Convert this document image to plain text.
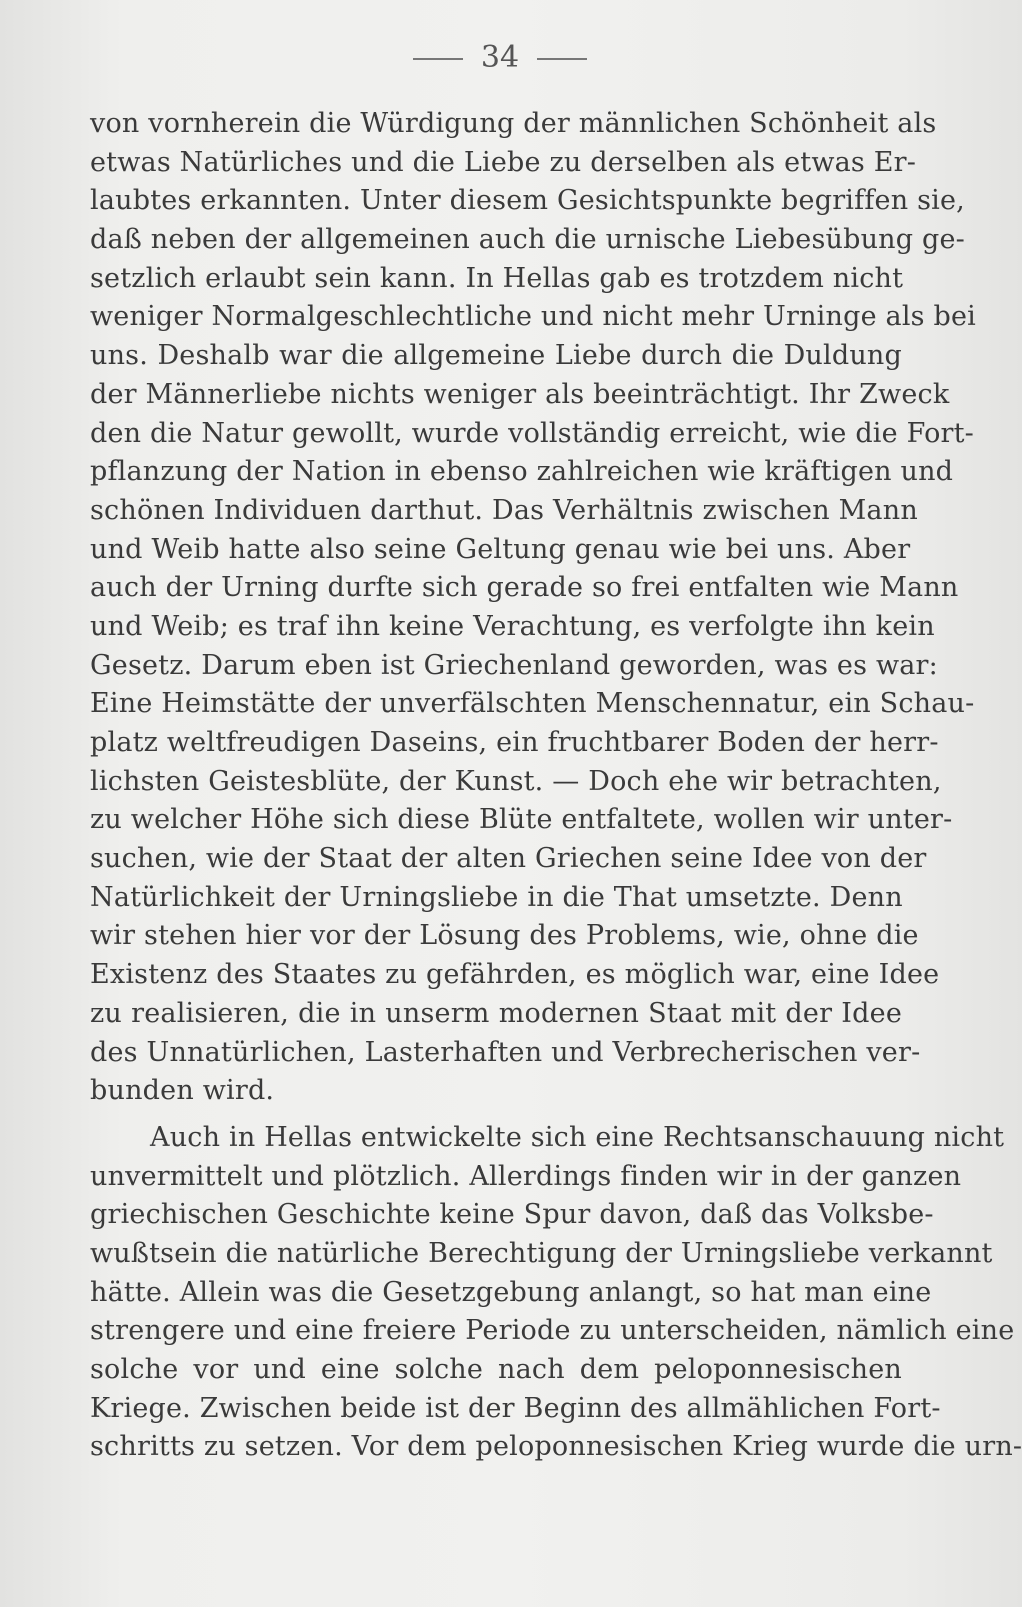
34
von vornherein die Würdigung der männlichen Schönheit als
etwas Natürliches und die Liebe zu derselben als etwas Er-
laubtes erkannten. Unter diesem Gesichtspunkte begriffen sie,
daß neben der allgemeinen auch die urnische Liebesübung ge-
setzlich erlaubt sein kann. In Hellas gab es trotzdem nicht
weniger Normalgeschlechtliche und nicht mehr Urninge als bei
uns. Deshalb war die allgemeine Liebe durch die Duldung
der Männerliebe nichts weniger als beeinträchtigt. Ihr Zweck
den die Natur gewollt, wurde vollständig erreicht, wie die Fort-
pflanzung der Nation in ebenso zahlreichen wie kräftigen und
schönen Individuen darthut. Das Verhältnis zwischen Mann
und Weib hatte also seine Geltung genau wie bei uns. Aber
auch der Urning durfte sich gerade so frei entfalten wie Mann
und Weib; es traf ihn keine Verachtung, es verfolgte ihn kein
Gesetz. Darum eben ist Griechenland geworden, was es war:
Eine Heimstätte der unverfälschten Menschennatur, ein Schau-
platz weltfreudigen Daseins, ein fruchtbarer Boden der herr-
lichsten Geistesblüte, der Kunst. — Doch ehe wir betrachten,
zu welcher Höhe sich diese Blüte entfaltete, wollen wir unter-
suchen, wie der Staat der alten Griechen seine Idee von der
Natürlichkeit der Urningsliebe in die That umsetzte. Denn
wir stehen hier vor der Lösung des Problems, wie, ohne die
Existenz des Staates zu gefährden, es möglich war, eine Idee
zu realisieren, die in unserm modernen Staat mit der Idee
des Unnatürlichen, Lasterhaften und Verbrecherischen ver-
bunden wird.
Auch in Hellas entwickelte sich eine Rechtsanschauung nicht
unvermittelt und plötzlich. Allerdings finden wir in der ganzen
griechischen Geschichte keine Spur davon, daß das Volksbe-
wußtsein die natürliche Berechtigung der Urningsliebe verkannt
hätte. Allein was die Gesetzgebung anlangt, so hat man eine
strengere und eine freiere Periode zu unterscheiden, nämlich eine
solche vor und eine solche nach dem peloponnesischen
Kriege. Zwischen beide ist der Beginn des allmählichen Fort-
schritts zu setzen. Vor dem peloponnesischen Krieg wurde die urn-
